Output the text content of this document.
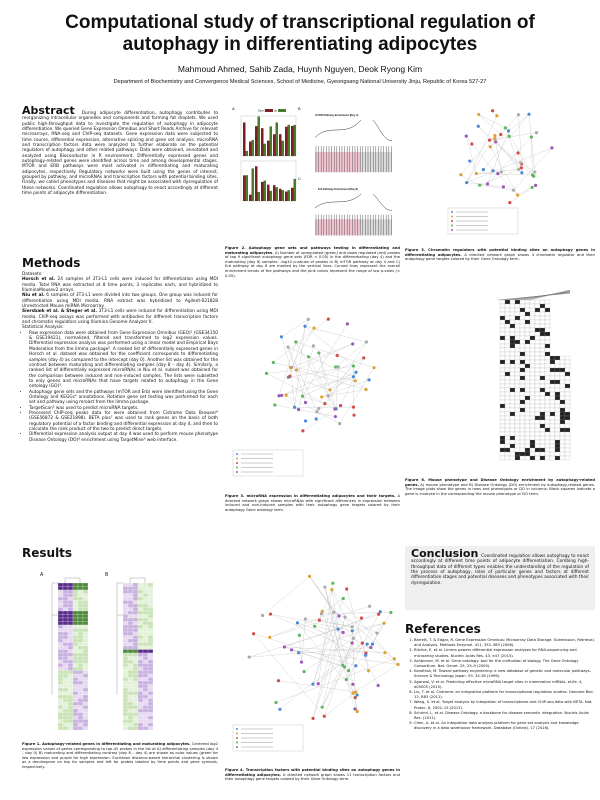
Computational study of transcriptional regulation of
autophagy in differentiating adipocytes
Mahmoud Ahmed, Sahib Zada, Huynh Nguyen, Deok Ryong Kim
Department of Biochemistry and Convergence Medical Sciences, School of Medicine, Gyeongsang National University Jinju, Republic of Korea 527-27
Abstract During adipocyte differentiation, autophagy contributes to reorganizing intracellular organelles and components and forming fat droplets. We used public high-throughput data to investigate the regulation of autophagy in adipocyte differentiation. We queried Gene Expression Omnibus and Short Reads Archive for relevant microarrays, RNA-seq and ChIP-seq datasets. Gene expression data were subjected to time course, differential expression, alternative splicing and gene set analysis. microRNA and transcription factors data were analyzed to further elaborate on the potential regulators of autophagy and other related pathways. Data were obtained, annotated and analyzed using Bioconductor in R environment. Differentially expressed genes and autophagy-related genes were identified across time and among developmental stages. MTOR and ERB pathways were most activated in differentiating and maturating adipocytes, respectively. Regulatory networks were built using the genes of interest, grouped by pathway, and microRNAs and transcription factors with potential binding sites. Finally, we called phenotypes and diseases that might be associated with dysregulation of these networks. Coordinated regulation allows autophagy to enact accordingly at different time points of adipocyte differentiation.
Methods
Datasets:
Horsch et al. 24 samples of 3T3-L1 cells were induced for differentiation using MDI media. Total RNA was extracted at 8 time points, 3 replicates each, and hybridized to IlluminaMousev2 arrays.
Niu et al. 6 samples of 3T3-L1 were divided into two groups. One group was induced for differentiation using MDI media. RNA extract was hybridized to Agilent-021828 Unrestricted Mouse miRNA Microarray.
Siersbæk et al. & Steger et al. 3T3-L1 cells were induced for differentiation using MDI media. ChIP-seq assays was performed with antibodies for different transcription factors and chromatin regulators using Illumina Genome Analyzer II.
Statistical Analysis:
• Raw expression data were obtained from Gene Expression Omnibus (GEO)¹ (GSE34150 & GSE19421), normalized, filtered and transformed to log2 expression values. Differential expression analysis was performed using a linear model and Empirical Bays Moderation from the limma package². A ranked list of differentially expressed genes in Horsch et al. dataset was obtained for the coefficient corresponds to differentiating samples (day 4) as compared to the intercept (day 0). Another list was obtained for the contrast between maturating and differentiating samples (day 8 – day 4). Similarly, a ranked list of differentially expressed microRNAs in Niu et al. subset was obtained for the comparison between induced and non-induced samples. The lists were subsetted to only genes and microRNAs that have targets related to autophagy in the Gene ontology (GO)³.
• Autophagy gene sets and the pathways (mTOR and Erb) were identified using the Gene Ontology and KEGGs⁴ annotations. Rotation gene set testing was performed for each set and pathway using mroast from the limma package.
• TargetScan⁵ was used to predict microRNA targets.
• Processed ChIP-seq peaks data for were obtained from Cistrome Data Browser⁶ (GSE56872 & GSE21898). BETA plus⁷ was used to rank genes on the basis of both regulatory potential of a factor binding and differential expression at day 4, and then to calculate the rank product of the two to predict direct targets.
• Differential expression analysis output at day 4 was used to perform mouse phenotype Disease Ontology (DO)⁸ enrichment using TargetMine⁹ web interface.
Results
A	B
Figure 1. Autophagy-related genes in differentiating and maturating adipocytes. Centered log2 expression values of genes corresponding to top-42 probes in the list of A) differentiating samples (day 4 – day 0) B) maturating and differentiating contrast (day 8 – day 4) are shown as color values (green for low expression and purple for high expression. Euclidean distance-based hierarchal clustering is shown as a dendrogram on top for samples and left for probes labeled by time points and gene symbols, respectively.
A	Down	Up	B
mTOR Pathway Enrichment (Day 4)
C
Erb Pathway Enrichment (Day 8)
Figure 2. Autophagy gene sets and pathways testing in differentiating and maturating adipocytes. A) Number of upregulated (green) and down regulated (red) probes of top 9 significant autophagy gene sets (FDR < 0.05) in the differentiating (day 4) and the maturating (day 8) samples. -log10 p-values of probes in B) mTOR pathway at day 4 and C) Erb pathway at day 8 are marked by the vertical lines. Curved lines represent the overall enrichment trends of the pathways and the pink colors represent the range of low p-vales (< 0.05).
Figure 3. Chromatin regulators with potential binding sites on autophagy genes in differentiating adipocytes. A directed network graph shows 4 chromatin regulator and their autophagy gene targets colored by their Gene Ontology term.
Figure 3. microRNA expression in differentiating adipocytes and their targets. A directed network graph shows microRNAs with significant differences in expression between induced and non-induced samples with their autophagy gene targets colored by their autophagy Gene ontology term.
Figure 6. Mouse phenotype and Disease Ontology enrichment by autophagy-related genes. A) mouse phenotype and B) Disease Ontology (DO) enrichment by autophagy-related genes. The image plots show the genes in rows and phenotypes or DO in columns. Black squares indicate a gene is involved in the corresponding the mouse phenotype or DO term.
Figure 4. Transcription factors with potential binding sites on autophagy genes in differentiating adipocytes. A directed network graph shows 11 transcription factors and their autophagy gene targets colored by their Gene Ontology term.
Conclusion Coordinated regulation allows autophagy to enact accordingly at different time points of adipocyte differentiation. Combing high-throughput data of different types enables the understanding of the regulation of the process of autophagy, roles of particular genes and factors at different differentiation stages and potential diseases and phenotypes associated with their dysregulation.
References
1. Barrett, T. & Edgar, R. Gene Expression Omnibus: Microarray Data Storage, Submission, Retrieval, and Analysis. Methods Enzymol. 411, 352–369 (2006).
2. Ritchie, E. et al. Limma powers differential expression analyses for RNA-sequencing and microarray studies. Nucleic Acids Res. 43, e47 (2015).
3. Ashburner, M. et al. Gene ontology: tool for the unification of biology. The Gene Ontology Consortium. Nat. Genet. 25, 25–9 (2000).
4. Kanehisa, M. Toward pathway engineering: a new database of genetic and molecular pathways. Science & Technology Japan. 59, 34-38 (1996).
5. Agarwal, V. et al. Predicting effective microRNA target sites in mammalian mRNAs. eLife. 4, e05005 (2015).
6. Liu, T. et al. Cistrome: an integrative platform for transcriptional regulation studies. Genome Biol. 12, R83 (2011).
7. Wang, S. et al. Target analysis by integration of transcriptome and ChIP-seq data with BETA. Nat. Protoc. 8, 2502–15 (2013).
8. Schriml, L. et al. Disease Ontology: a backbone for disease semantic integration. Nucleic Acids Res. (2011).
9. Chen, A. et al. An integrative data analysis platform for gene set analysis and knowledge discovery in a data warehouse framework. Database (Oxford). 17 (2016).
